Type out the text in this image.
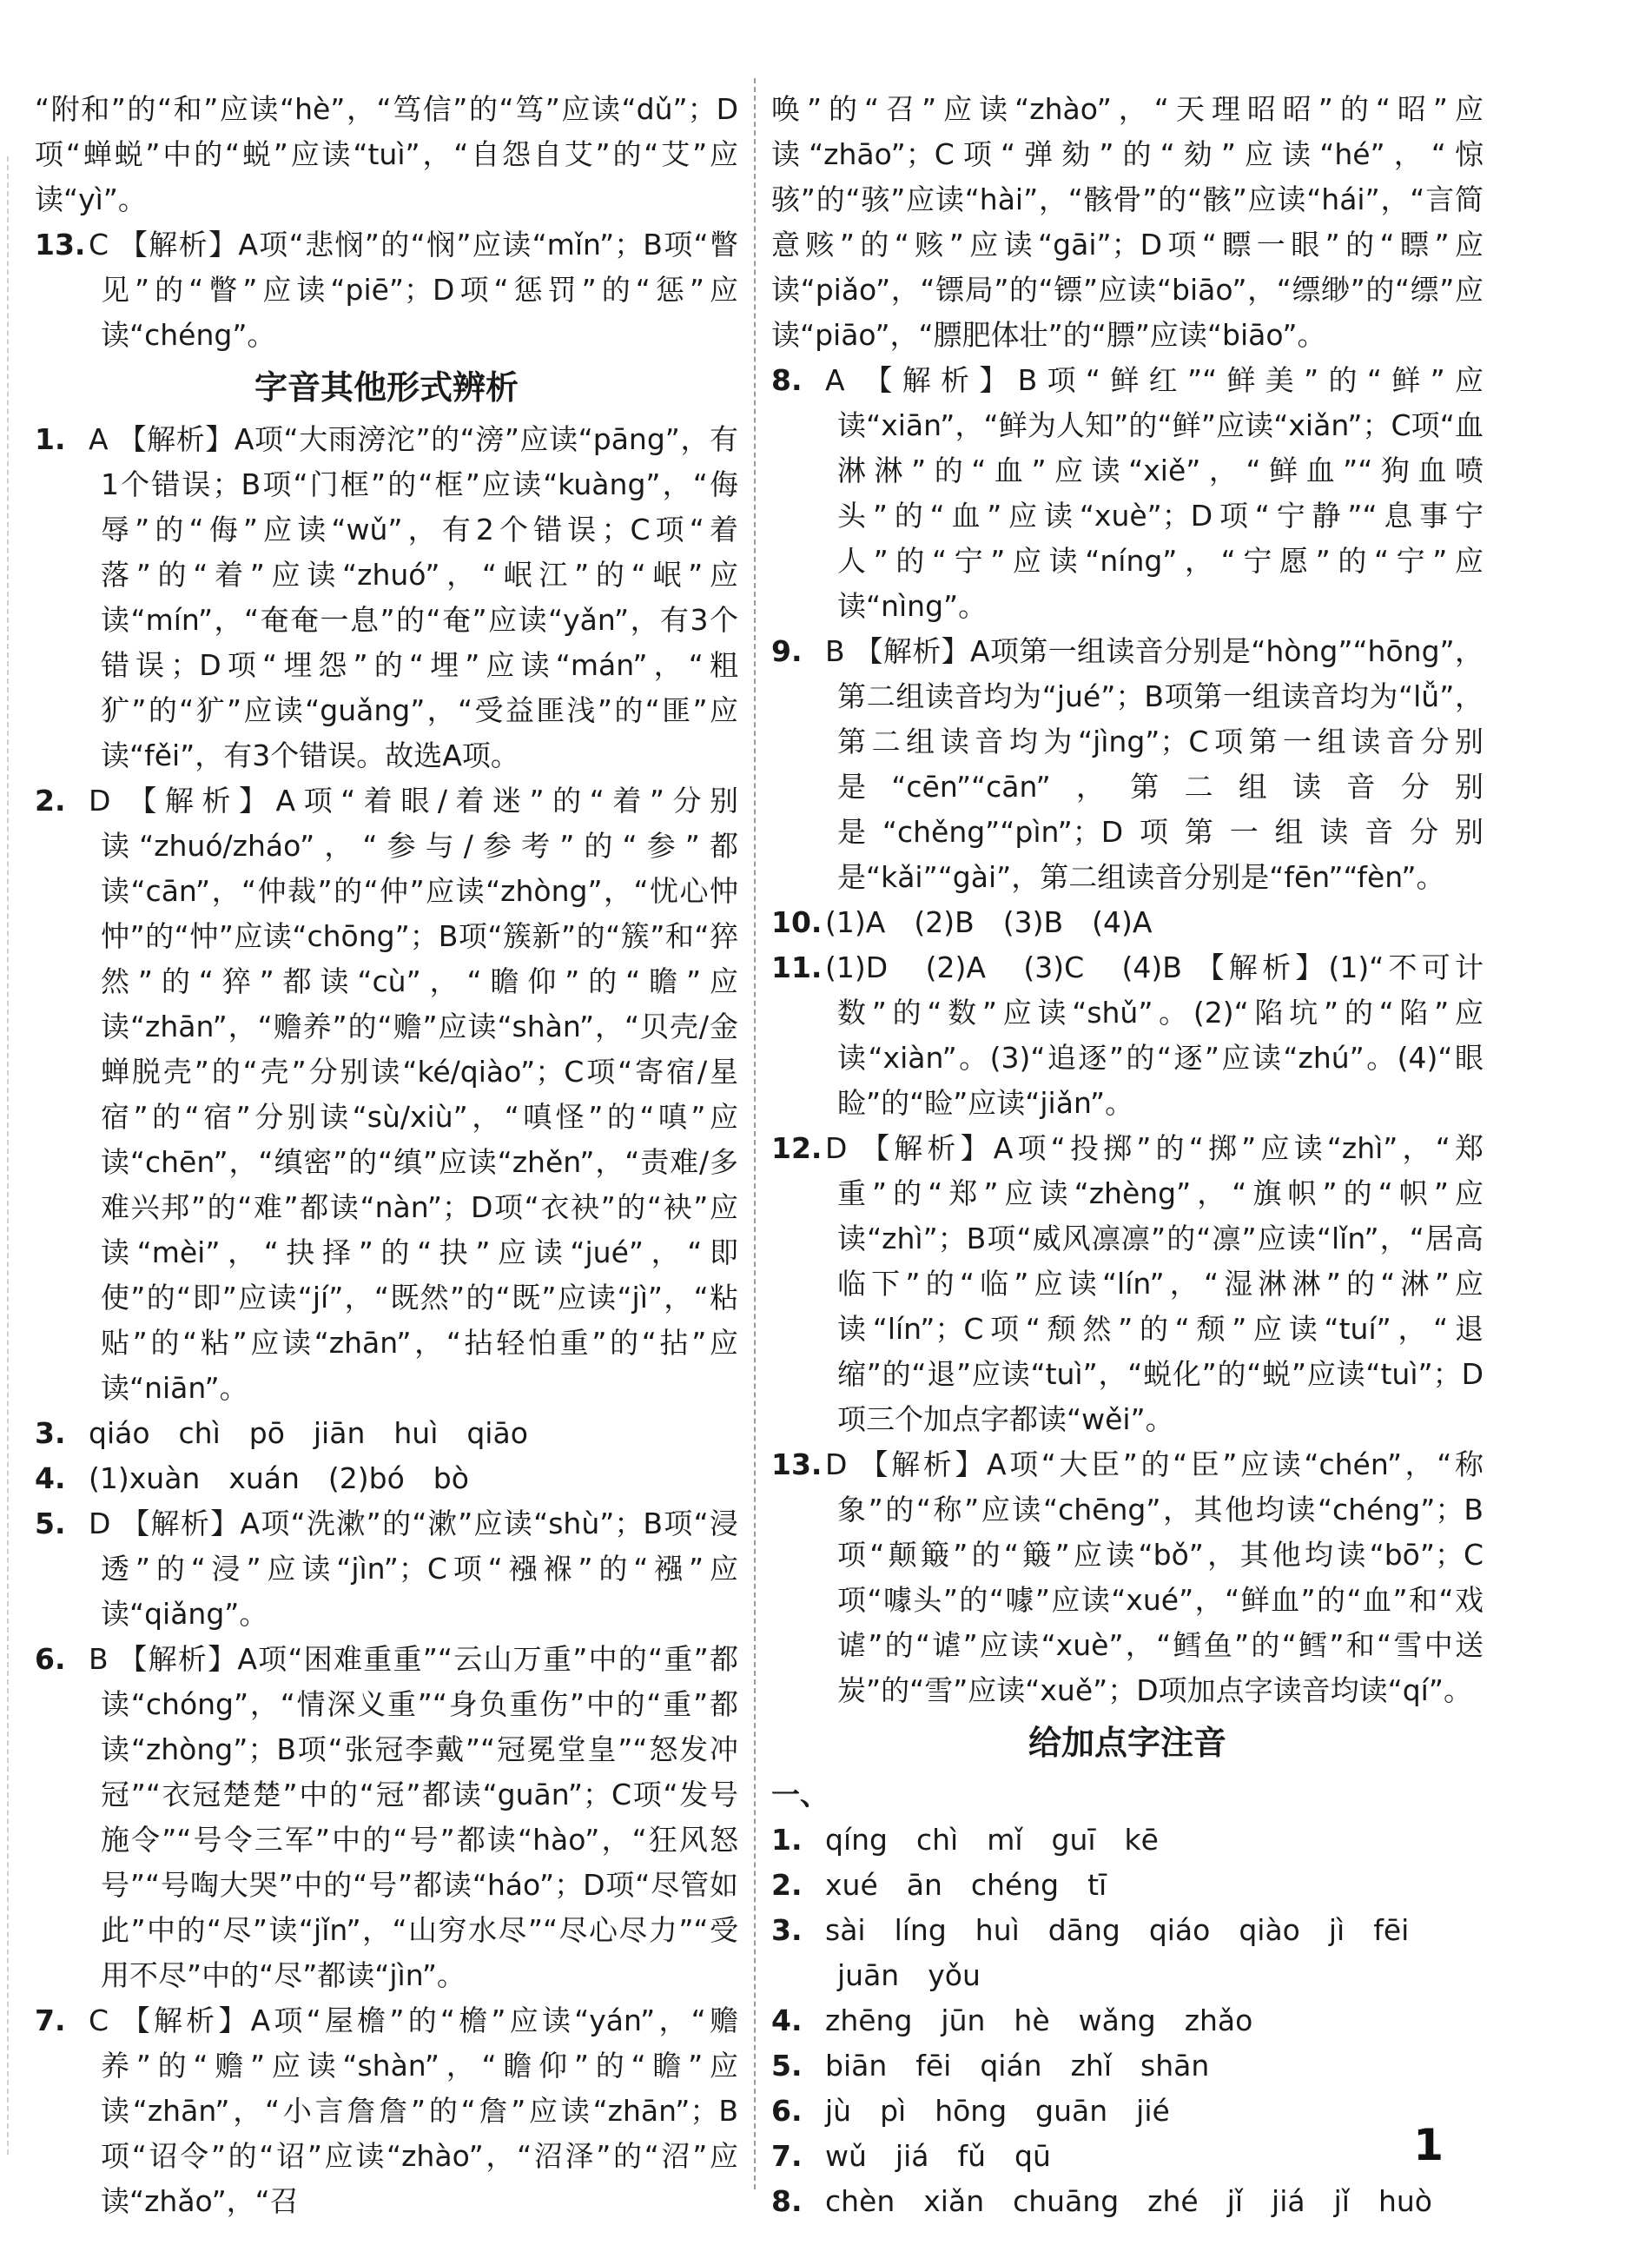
“附和”的“和”应读“hè”，“笃信”的“笃”应读“dǔ”；D项“蝉蜕”中的“蜕”应读“tuì”，“自怨自艾”的“艾”应读“yì”。
13. C 【解析】A项“悲悯”的“悯”应读“mǐn”；B项“瞥见”的“瞥”应读“piē”；D项“惩罚”的“惩”应读“chéng”。
字音其他形式辨析
1. A 【解析】A项“大雨滂沱”的“滂”应读“pāng”，有1个错误；B项“门框”的“框”应读“kuàng”，“侮辱”的“侮”应读“wǔ”，有2个错误；C项“着落”的“着”应读“zhuó”，“岷江”的“岷”应读“mín”，“奄奄一息”的“奄”应读“yǎn”，有3个错误；D项“埋怨”的“埋”应读“mán”，“粗犷”的“犷”应读“guǎng”，“受益匪浅”的“匪”应读“fěi”，有3个错误。故选A项。
2. D 【解析】A项“着眼/着迷”的“着”分别读“zhuó/zháo”，“参与/参考”的“参”都读“cān”，“仲裁”的“仲”应读“zhòng”，“忧心忡忡”的“忡”应读“chōng”；B项“簇新”的“簇”和“猝然”的“猝”都读“cù”，“瞻仰”的“瞻”应读“zhān”，“赡养”的“赡”应读“shàn”，“贝壳/金蝉脱壳”的“壳”分别读“ké/qiào”；C项“寄宿/星宿”的“宿”分别读“sù/xiù”，“嗔怪”的“嗔”应读“chēn”，“缜密”的“缜”应读“zhěn”，“责难/多难兴邦”的“难”都读“nàn”；D项“衣袂”的“袂”应读“mèi”，“抉择”的“抉”应读“jué”，“即使”的“即”应读“jí”，“既然”的“既”应读“jì”，“粘贴”的“粘”应读“zhān”，“拈轻怕重”的“拈”应读“niān”。
3. qiáo　chì　pō　jiān　huì　qiāo
4. (1)xuàn　xuán　(2)bó　bò
5. D 【解析】A项“洗漱”的“漱”应读“shù”；B项“浸透”的“浸”应读“jìn”；C项“襁褓”的“襁”应读“qiǎng”。
6. B 【解析】A项“困难重重”“云山万重”中的“重”都读“chóng”，“情深义重”“身负重伤”中的“重”都读“zhòng”；B项“张冠李戴”“冠冕堂皇”“怒发冲冠”“衣冠楚楚”中的“冠”都读“guān”；C项“发号施令”“号令三军”中的“号”都读“hào”，“狂风怒号”“号啕大哭”中的“号”都读“háo”；D项“尽管如此”中的“尽”读“jǐn”，“山穷水尽”“尽心尽力”“受用不尽”中的“尽”都读“jìn”。
7. C 【解析】A项“屋檐”的“檐”应读“yán”，“赡养”的“赡”应读“shàn”，“瞻仰”的“瞻”应读“zhān”，“小言詹詹”的“詹”应读“zhān”；B项“诏令”的“诏”应读“zhào”，“沼泽”的“沼”应读“zhǎo”，“召
唤”的“召”应读“zhào”，“天理昭昭”的“昭”应读“zhāo”；C项“弹劾”的“劾”应读“hé”，“惊骇”的“骇”应读“hài”，“骸骨”的“骸”应读“hái”，“言简意赅”的“赅”应读“gāi”；D项“瞟一眼”的“瞟”应读“piǎo”，“镖局”的“镖”应读“biāo”，“缥缈”的“缥”应读“piāo”，“膘肥体壮”的“膘”应读“biāo”。
8. A 【解析】B项“鲜红”“鲜美”的“鲜”应读“xiān”，“鲜为人知”的“鲜”应读“xiǎn”；C项“血淋淋”的“血”应读“xiě”，“鲜血”“狗血喷头”的“血”应读“xuè”；D项“宁静”“息事宁人”的“宁”应读“níng”，“宁愿”的“宁”应读“nìng”。
9. B 【解析】A项第一组读音分别是“hòng”“hōng”，第二组读音均为“jué”；B项第一组读音均为“lǚ”，第二组读音均为“jìng”；C项第一组读音分别是“cēn”“cān”，第二组读音分别是“chěng”“pìn”；D项第一组读音分别是“kǎi”“gài”，第二组读音分别是“fēn”“fèn”。
10. (1)A　(2)B　(3)B　(4)A
11. (1)D　(2)A　(3)C　(4)B 【解析】(1)“不可计数”的“数”应读“shǔ”。(2)“陷坑”的“陷”应读“xiàn”。(3)“追逐”的“逐”应读“zhú”。(4)“眼睑”的“睑”应读“jiǎn”。
12. D 【解析】A项“投掷”的“掷”应读“zhì”，“郑重”的“郑”应读“zhèng”，“旗帜”的“帜”应读“zhì”；B项“威风凛凛”的“凛”应读“lǐn”，“居高临下”的“临”应读“lín”，“湿淋淋”的“淋”应读“lín”；C项“颓然”的“颓”应读“tuí”，“退缩”的“退”应读“tuì”，“蜕化”的“蜕”应读“tuì”；D项三个加点字都读“wěi”。
13. D 【解析】A项“大臣”的“臣”应读“chén”，“称象”的“称”应读“chēng”，其他均读“chéng”；B项“颠簸”的“簸”应读“bǒ”，其他均读“bō”；C项“噱头”的“噱”应读“xué”，“鲜血”的“血”和“戏谑”的“谑”应读“xuè”，“鳕鱼”的“鳕”和“雪中送炭”的“雪”应读“xuě”；D项加点字读音均读“qí”。
给加点字注音
一、1. qíng　chì　mǐ　guī　kē
2. xué　ān　chéng　tī
3. sài　líng　huì　dāng　qiáo　qiào　jì　fēi　juān　yǒu
4. zhēng　jūn　hè　wǎng　zhǎo
5. biān　fēi　qián　zhǐ　shān
6. jù　pì　hōng　guān　jié
7. wǔ　jiá　fǔ　qū
8. chèn　xiǎn　chuāng　zhé　jǐ　jiá　jǐ　huò
1
